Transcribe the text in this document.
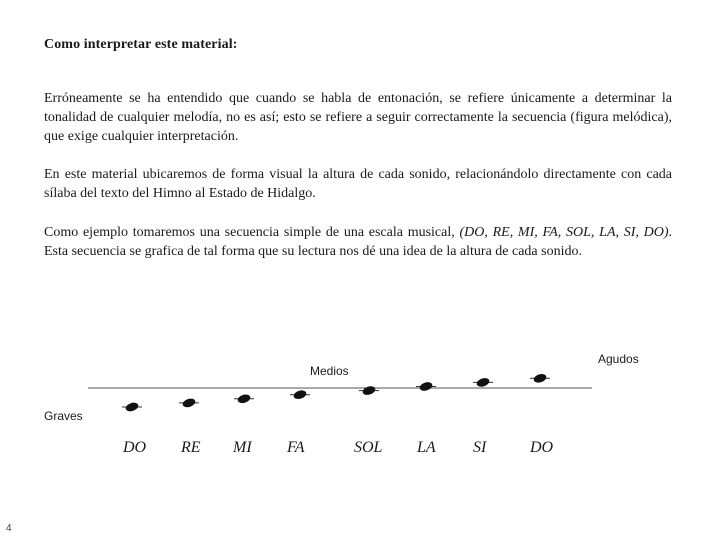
Como interpretar este material:

Erróneamente se ha entendido que cuando se habla de entonación, se refiere únicamente a determinar la tonalidad de cualquier melodía, no es así; esto se refiere a seguir correctamente la secuencia (figura melódica), que exige cualquier interpretación.

En este material ubicaremos de forma visual la altura de cada sonido, relacionándolo directamente con cada sílaba del texto del Himno al Estado de Hidalgo.

Como ejemplo tomaremos una secuencia simple de una escala musical, (DO, RE, MI, FA, SOL, LA, SI, DO). Esta secuencia se grafica de tal forma que su lectura nos dé una idea de la altura de cada sonido.

Agudos
Medios
Graves
DO RE MI FA	SOL LA SI	DO
4
